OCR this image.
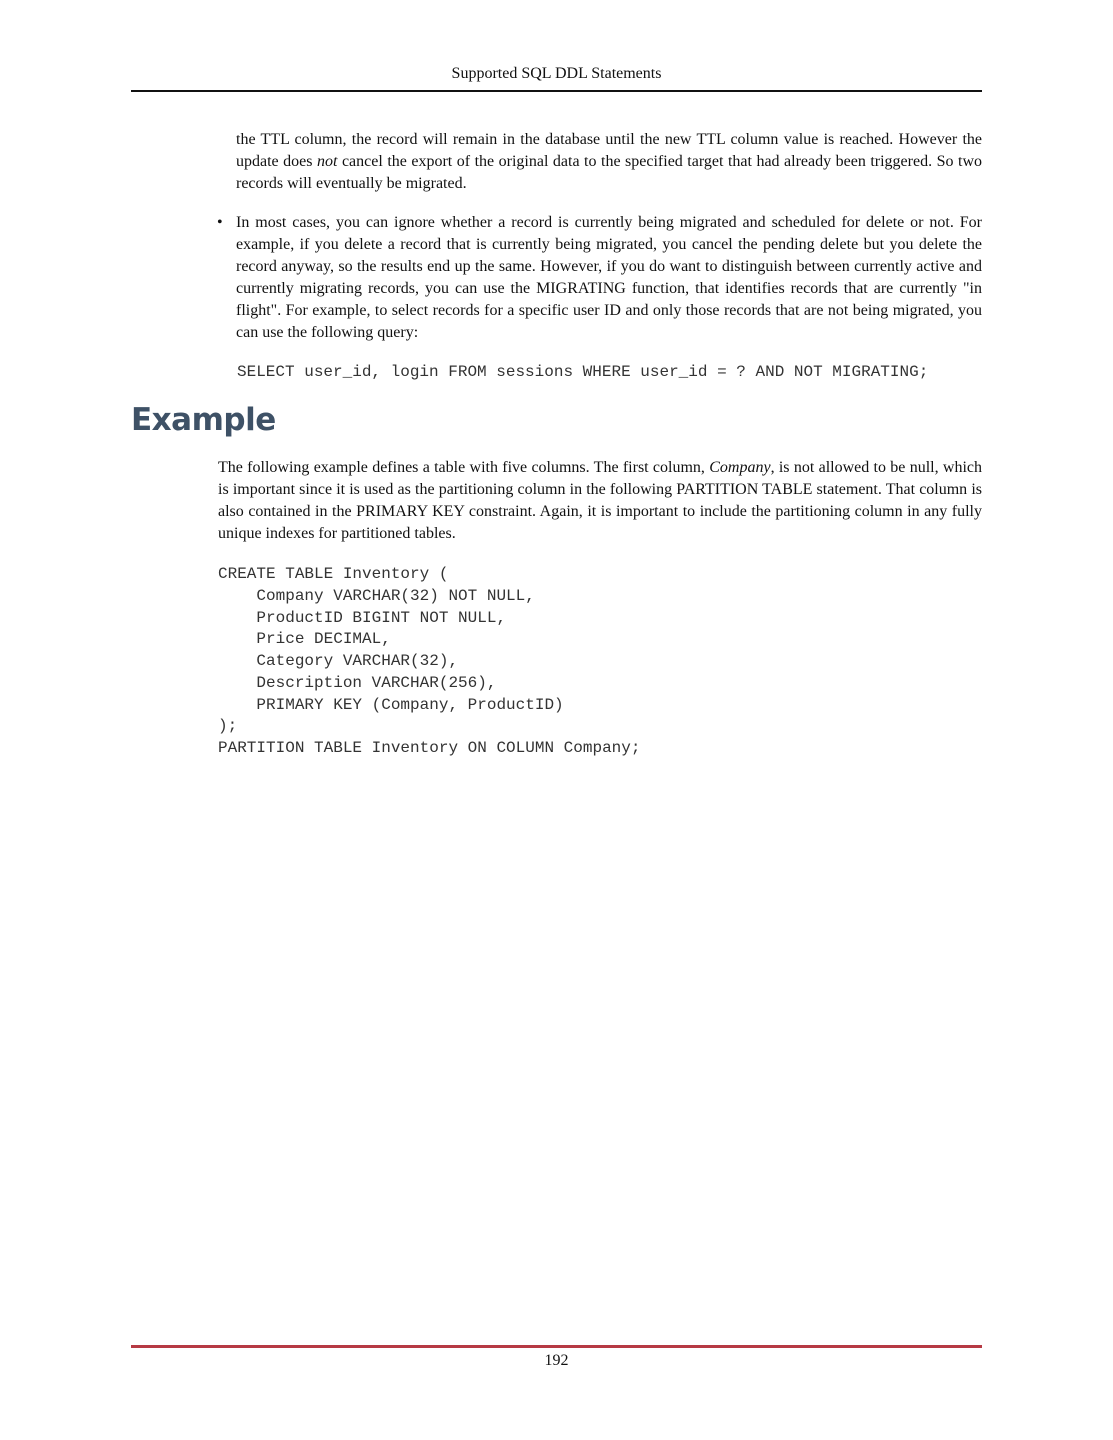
Supported SQL DDL Statements

the TTL column, the record will remain in the database until the new TTL column value is reached. However the update does not cancel the export of the original data to the specified target that had already been triggered. So two records will eventually be migrated.

• In most cases, you can ignore whether a record is currently being migrated and scheduled for delete or not. For example, if you delete a record that is currently being migrated, you cancel the pending delete but you delete the record anyway, so the results end up the same. However, if you do want to distinguish between currently active and currently migrating records, you can use the MIGRATING function, that identifies records that are currently "in flight". For example, to select records for a specific user ID and only those records that are not being migrated, you can use the following query:

SELECT user_id, login FROM sessions WHERE user_id = ? AND NOT MIGRATING;
Example

The following example defines a table with five columns. The first column, Company, is not allowed to be null, which is important since it is used as the partitioning column in the following PARTITION TABLE statement. That column is also contained in the PRIMARY KEY constraint. Again, it is important to include the partitioning column in any fully unique indexes for partitioned tables.

CREATE TABLE Inventory (
Company VARCHAR(32) NOT NULL,
ProductID BIGINT NOT NULL,
Price DECIMAL,
Category VARCHAR(32),
Description VARCHAR(256),
PRIMARY KEY (Company, ProductID)
);
PARTITION TABLE Inventory ON COLUMN Company;
192
